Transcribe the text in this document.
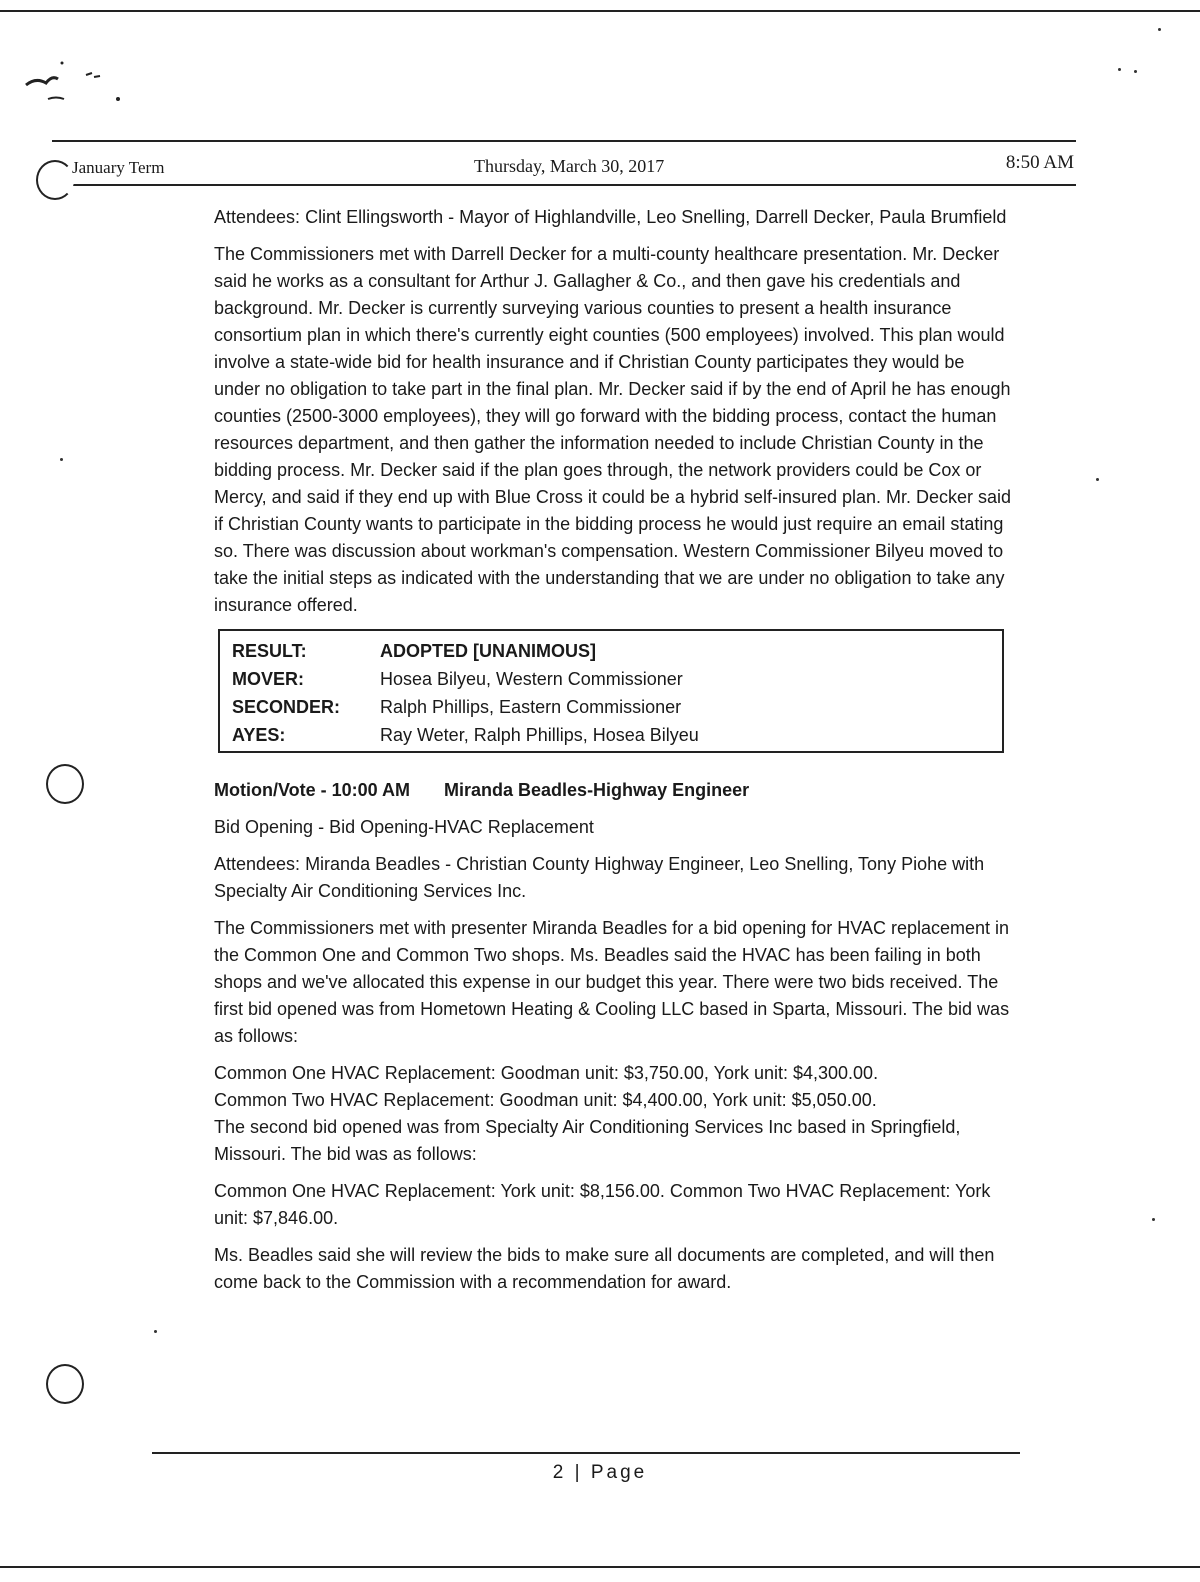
January Term	Thursday, March 30, 2017	8:50 AM

Attendees: Clint Ellingsworth - Mayor of Highlandville, Leo Snelling, Darrell Decker, Paula Brumfield

The Commissioners met with Darrell Decker for a multi-county healthcare presentation. Mr. Decker said he works as a consultant for Arthur J. Gallagher & Co., and then gave his credentials and background. Mr. Decker is currently surveying various counties to present a health insurance consortium plan in which there's currently eight counties (500 employees) involved. This plan would involve a state-wide bid for health insurance and if Christian County participates they would be under no obligation to take part in the final plan. Mr. Decker said if by the end of April he has enough counties (2500-3000 employees), they will go forward with the bidding process, contact the human resources department, and then gather the information needed to include Christian County in the bidding process. Mr. Decker said if the plan goes through, the network providers could be Cox or Mercy, and said if they end up with Blue Cross it could be a hybrid self-insured plan. Mr. Decker said if Christian County wants to participate in the bidding process he would just require an email stating so. There was discussion about workman's compensation. Western Commissioner Bilyeu moved to take the initial steps as indicated with the understanding that we are under no obligation to take any insurance offered.

RESULT:	ADOPTED [UNANIMOUS]
MOVER:	Hosea Bilyeu, Western Commissioner
SECONDER:	Ralph Phillips, Eastern Commissioner
AYES:	Ray Weter, Ralph Phillips, Hosea Bilyeu

Motion/Vote - 10:00 AM Miranda Beadles-Highway Engineer

Bid Opening - Bid Opening-HVAC Replacement

Attendees: Miranda Beadles - Christian County Highway Engineer, Leo Snelling, Tony Piohe with Specialty Air Conditioning Services Inc.

The Commissioners met with presenter Miranda Beadles for a bid opening for HVAC replacement in the Common One and Common Two shops. Ms. Beadles said the HVAC has been failing in both shops and we've allocated this expense in our budget this year. There were two bids received. The first bid opened was from Hometown Heating & Cooling LLC based in Sparta, Missouri. The bid was as follows:

Common One HVAC Replacement: Goodman unit: $3,750.00, York unit: $4,300.00.

Common Two HVAC Replacement: Goodman unit: $4,400.00, York unit: $5,050.00.

The second bid opened was from Specialty Air Conditioning Services Inc based in Springfield, Missouri. The bid was as follows:

Common One HVAC Replacement: York unit: $8,156.00. Common Two HVAC Replacement: York unit: $7,846.00.

Ms. Beadles said she will review the bids to make sure all documents are completed, and will then come back to the Commission with a recommendation for award.

2 | Page
